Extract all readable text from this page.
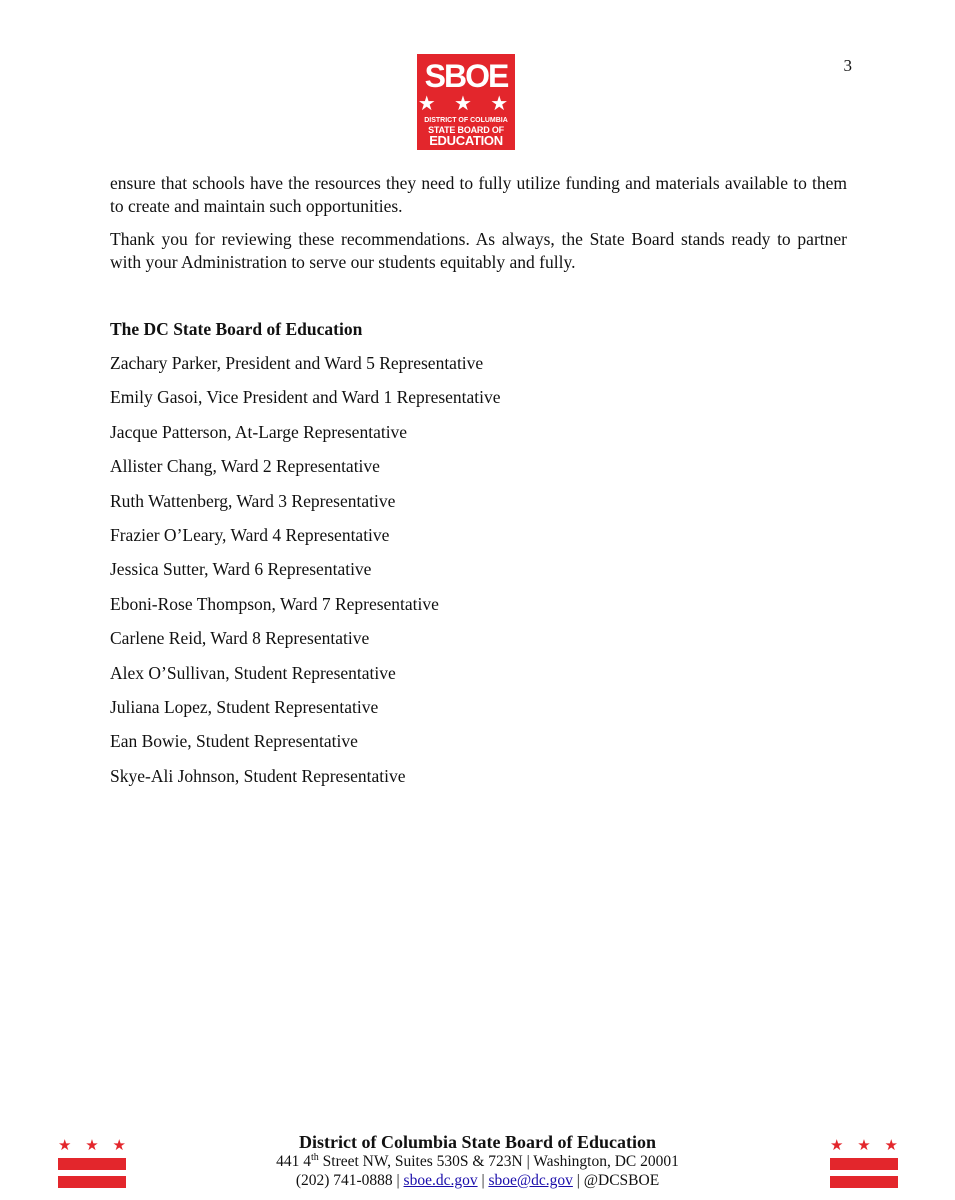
3
SBOE
★ ★ ★
DISTRICT OF COLUMBIA
STATE BOARD OF
EDUCATION

ensure that schools have the resources they need to fully utilize funding and materials available to them to create and maintain such opportunities.

Thank you for reviewing these recommendations. As always, the State Board stands ready to partner with your Administration to serve our students equitably and fully.

The DC State Board of Education
Zachary Parker, President and Ward 5 Representative
Emily Gasoi, Vice President and Ward 1 Representative
Jacque Patterson, At-Large Representative
Allister Chang, Ward 2 Representative
Ruth Wattenberg, Ward 3 Representative
Frazier O’Leary, Ward 4 Representative
Jessica Sutter, Ward 6 Representative
Eboni-Rose Thompson, Ward 7 Representative
Carlene Reid, Ward 8 Representative
Alex O’Sullivan, Student Representative
Juliana Lopez, Student Representative
Ean Bowie, Student Representative
Skye-Ali Johnson, Student Representative
★ ★ ★	District of Columbia State Board of Education
441 4th Street NW, Suites 530S & 723N | Washington, DC 20001
(202) 741-0888 | sboe.dc.gov | sboe@dc.gov | @DCSBOE
★ ★ ★
